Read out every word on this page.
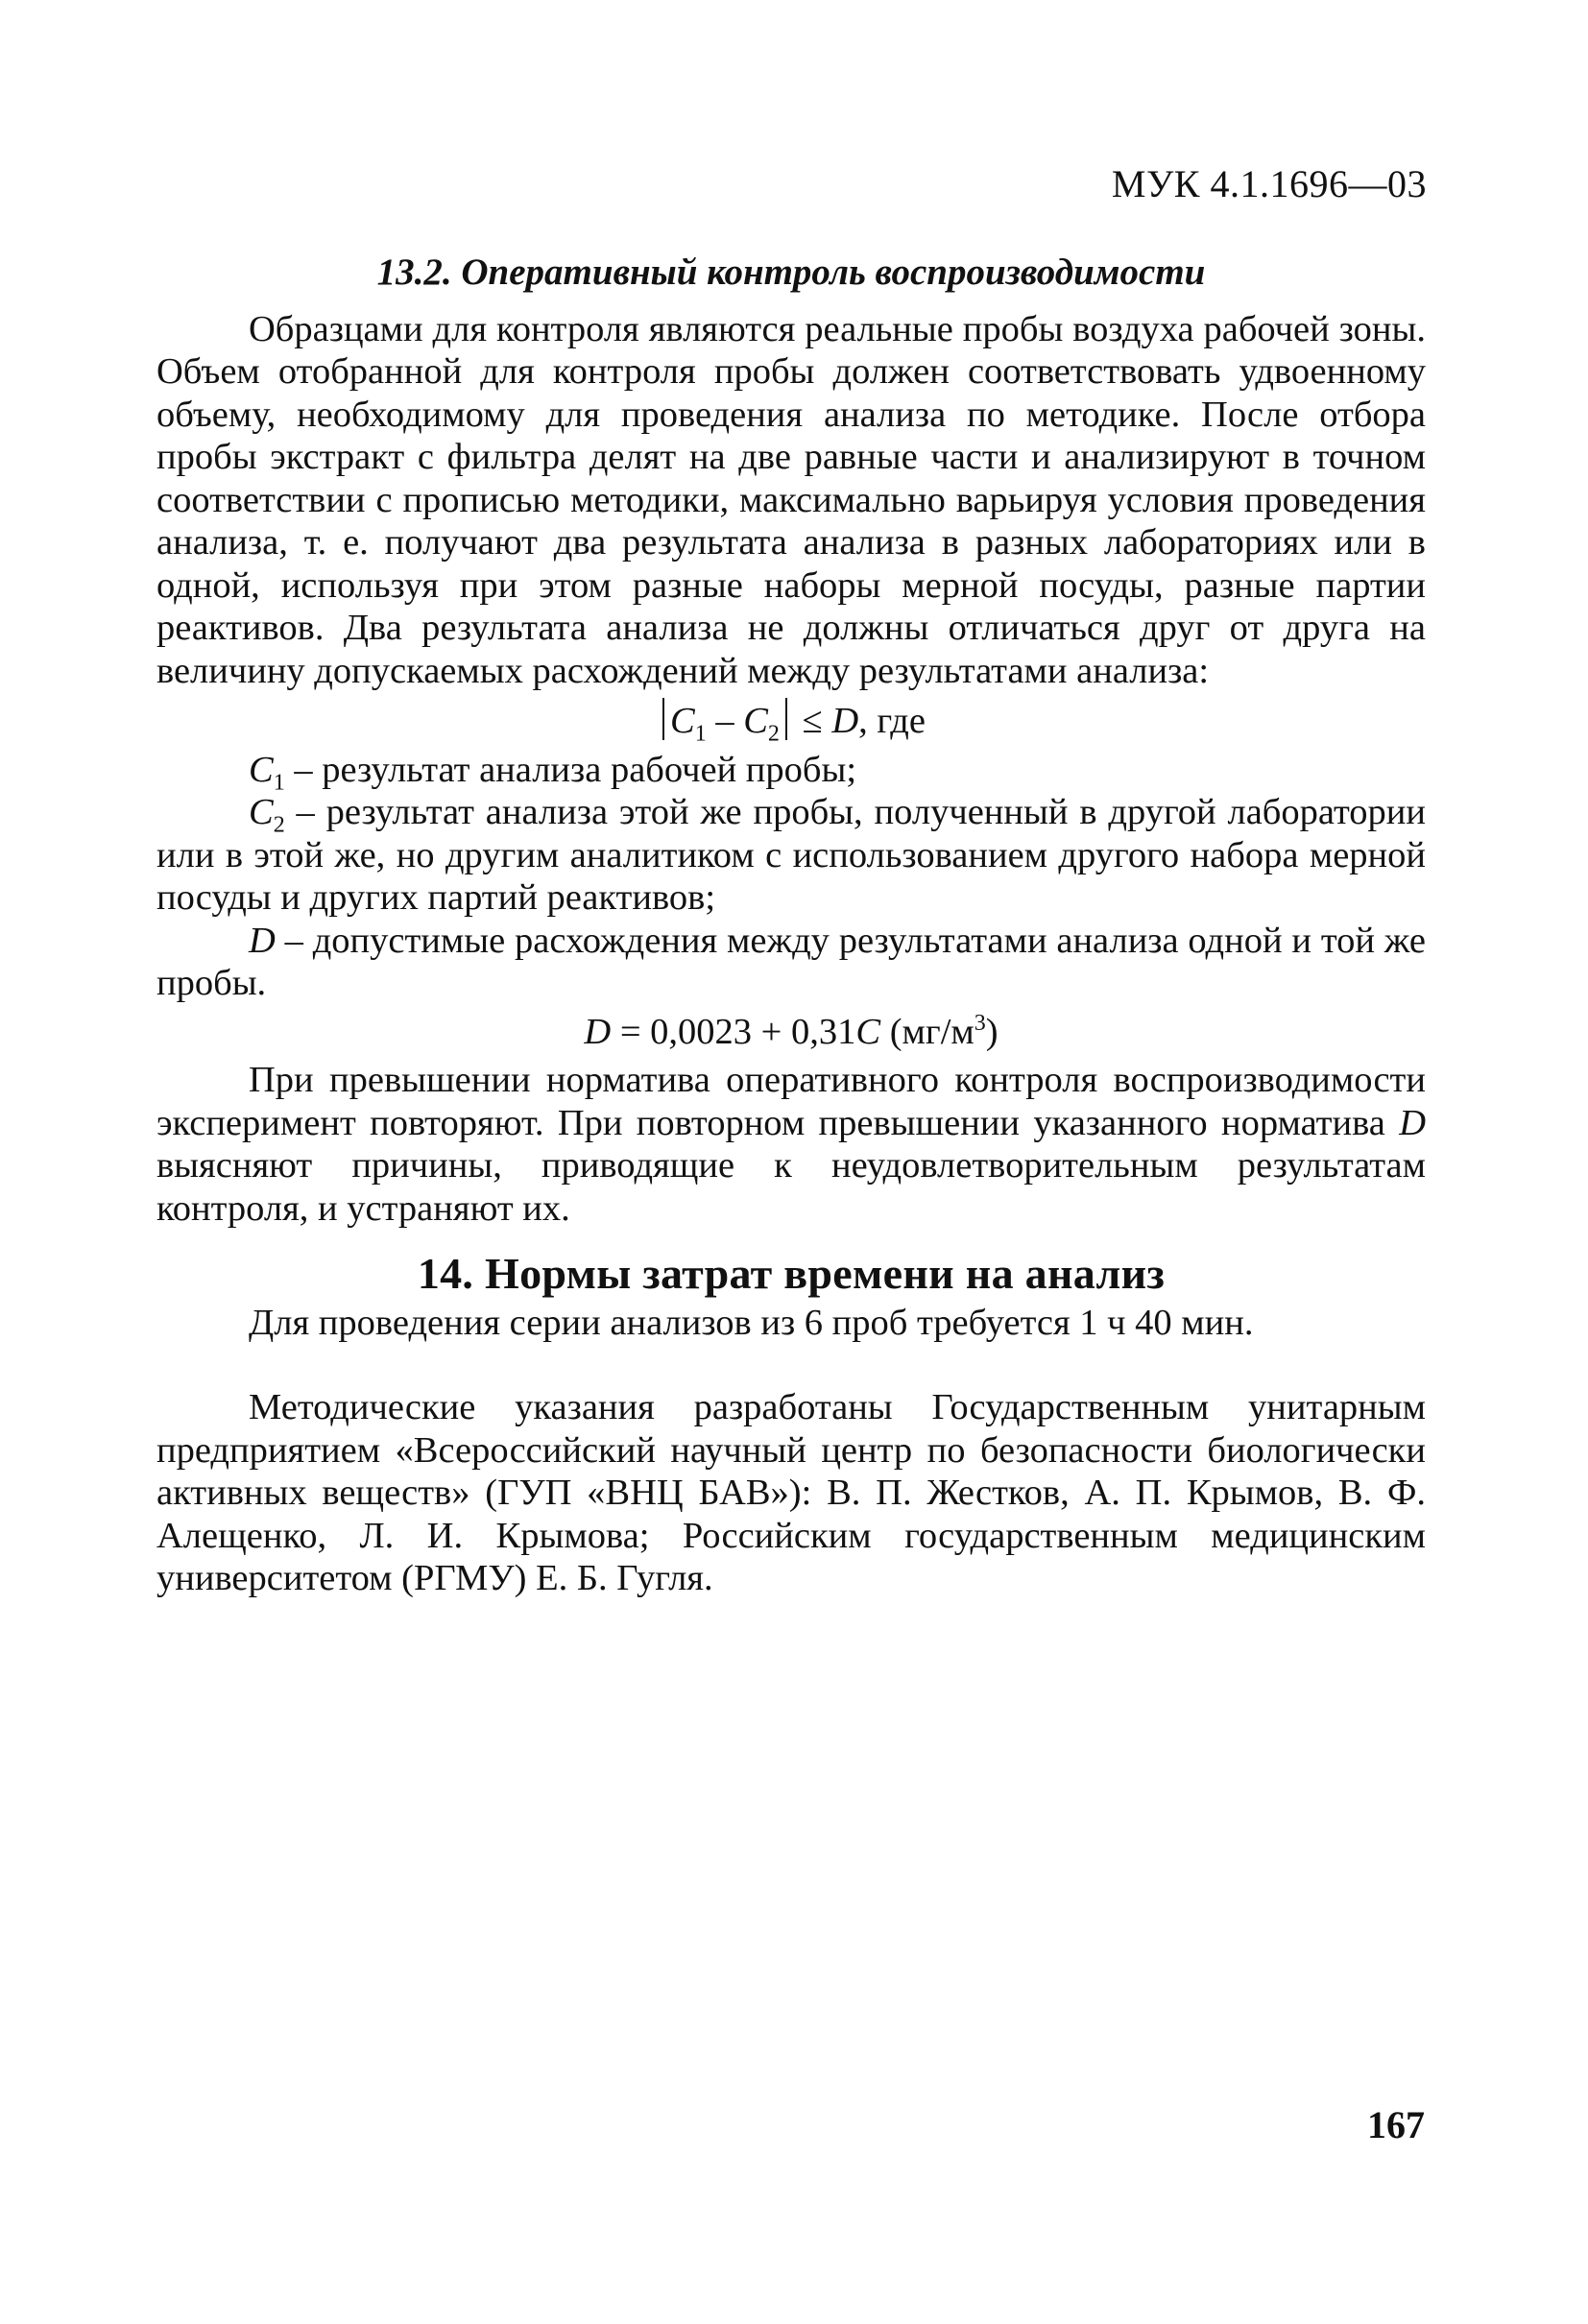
МУК 4.1.1696—03
13.2. Оперативный контроль воспроизводимости

Образцами для контроля являются реальные пробы воздуха рабочей зоны. Объем отобранной для контроля пробы должен соответствовать удвоенному объему, необходимому для проведения анализа по методике. После отбора пробы экстракт с фильтра делят на две равные части и анализируют в точном соответствии с прописью методики, максимально варьируя условия проведения анализа, т. е. получают два результата анализа в разных лабораториях или в одной, используя при этом разные наборы мерной посуды, разные партии реактивов. Два результата анализа не должны отличаться друг от друга на величину допускаемых расхождений между результатами анализа:

$C_1 - C_2 \le D$, где

$C_1$ – результат анализа рабочей пробы;

$C_2$ – результат анализа этой же пробы, полученный в другой лаборатории или в этой же, но другим аналитиком с использованием другого набора мерной посуды и других партий реактивов;

D – допустимые расхождения между результатами анализа одной и той же пробы.

D = 0,0023 + 0,31C $(мг/м^3)$

При превышении норматива оперативного контроля воспроизводимости эксперимент повторяют. При повторном превышении указанного норматива D выясняют причины, приводящие к неудовлетворительным результатам контроля, и устраняют их.

14. Нормы затрат времени на анализ

Для проведения серии анализов из 6 проб требуется 1 ч 40 мин.

Методические указания разработаны Государственным унитарным предприятием «Всероссийский научный центр по безопасности биологически активных веществ» (ГУП «ВНЦ БАВ»): В. П. Жестков, А. П. Крымов, В. Ф. Алещенко, Л. И. Крымова; Российским государственным медицинским университетом (РГМУ) Е. Б. Гугля.

167
